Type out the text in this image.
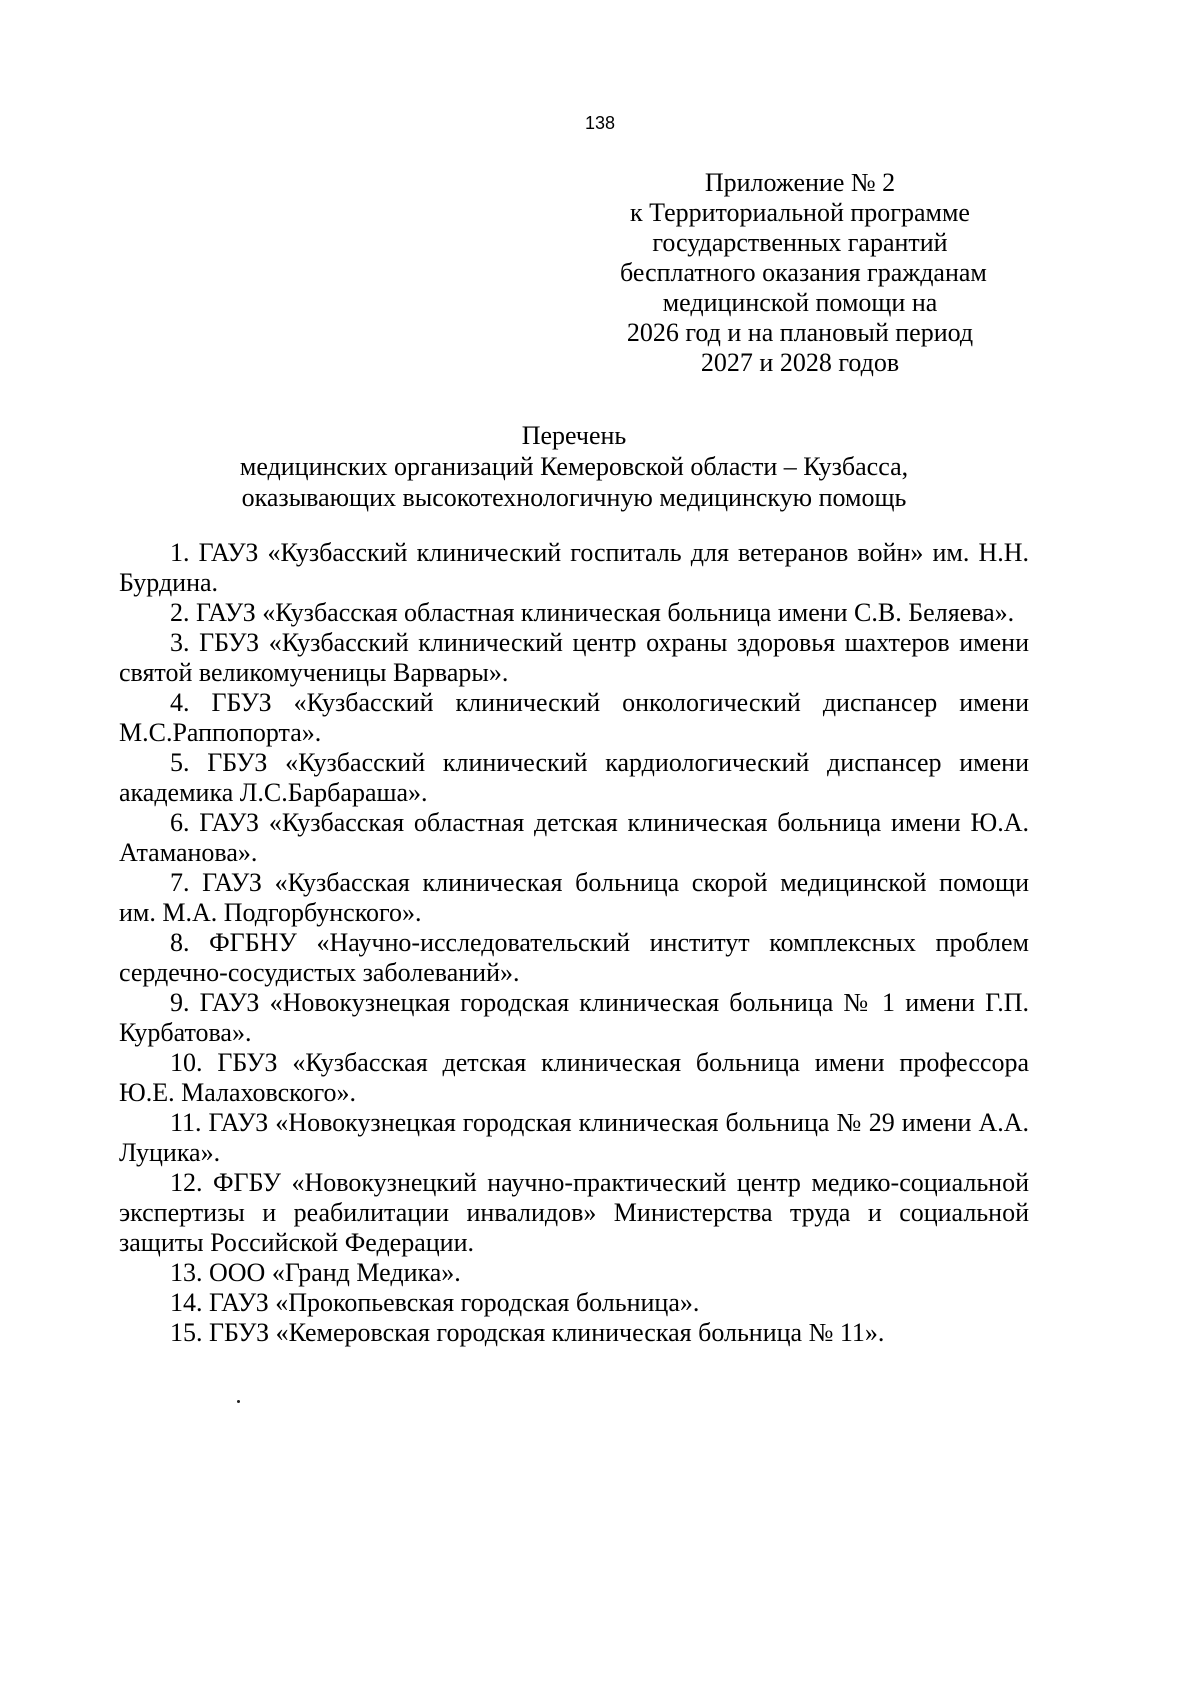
138
Приложение № 2
к Территориальной программе
государственных гарантий
бесплатного оказания гражданам
медицинской помощи на
2026 год и на плановый период
2027 и 2028 годов
Перечень
медицинских организаций Кемеровской области – Кузбасса,
оказывающих высокотехнологичную медицинскую помощь
1. ГАУЗ «Кузбасский клинический госпиталь для ветеранов войн» им. Н.Н. Бурдина.
2. ГАУЗ «Кузбасская областная клиническая больница имени С.В. Беляева».
3. ГБУЗ «Кузбасский клинический центр охраны здоровья шахтеров имени святой великомученицы Варвары».
4. ГБУЗ «Кузбасский клинический онкологический диспансер имени М.С.Раппопорта».
5. ГБУЗ «Кузбасский клинический кардиологический диспансер имени академика Л.С.Барбараша».
6. ГАУЗ «Кузбасская областная детская клиническая больница имени Ю.А. Атаманова».
7. ГАУЗ «Кузбасская клиническая больница скорой медицинской помощи им. М.А. Подгорбунского».
8. ФГБНУ «Научно-исследовательский институт комплексных проблем сердечно-сосудистых заболеваний».
9. ГАУЗ «Новокузнецкая городская клиническая больница № 1 имени Г.П. Курбатова».
10. ГБУЗ «Кузбасская детская клиническая больница имени профессора Ю.Е. Малаховского».
11. ГАУЗ «Новокузнецкая городская клиническая больница № 29 имени А.А. Луцика».
12. ФГБУ «Новокузнецкий научно-практический центр медико-социальной экспертизы и реабилитации инвалидов» Министерства труда и социальной защиты Российской Федерации.
13. ООО «Гранд Медика».
14. ГАУЗ «Прокопьевская городская больница».
15. ГБУЗ «Кемеровская городская клиническая больница № 11».
